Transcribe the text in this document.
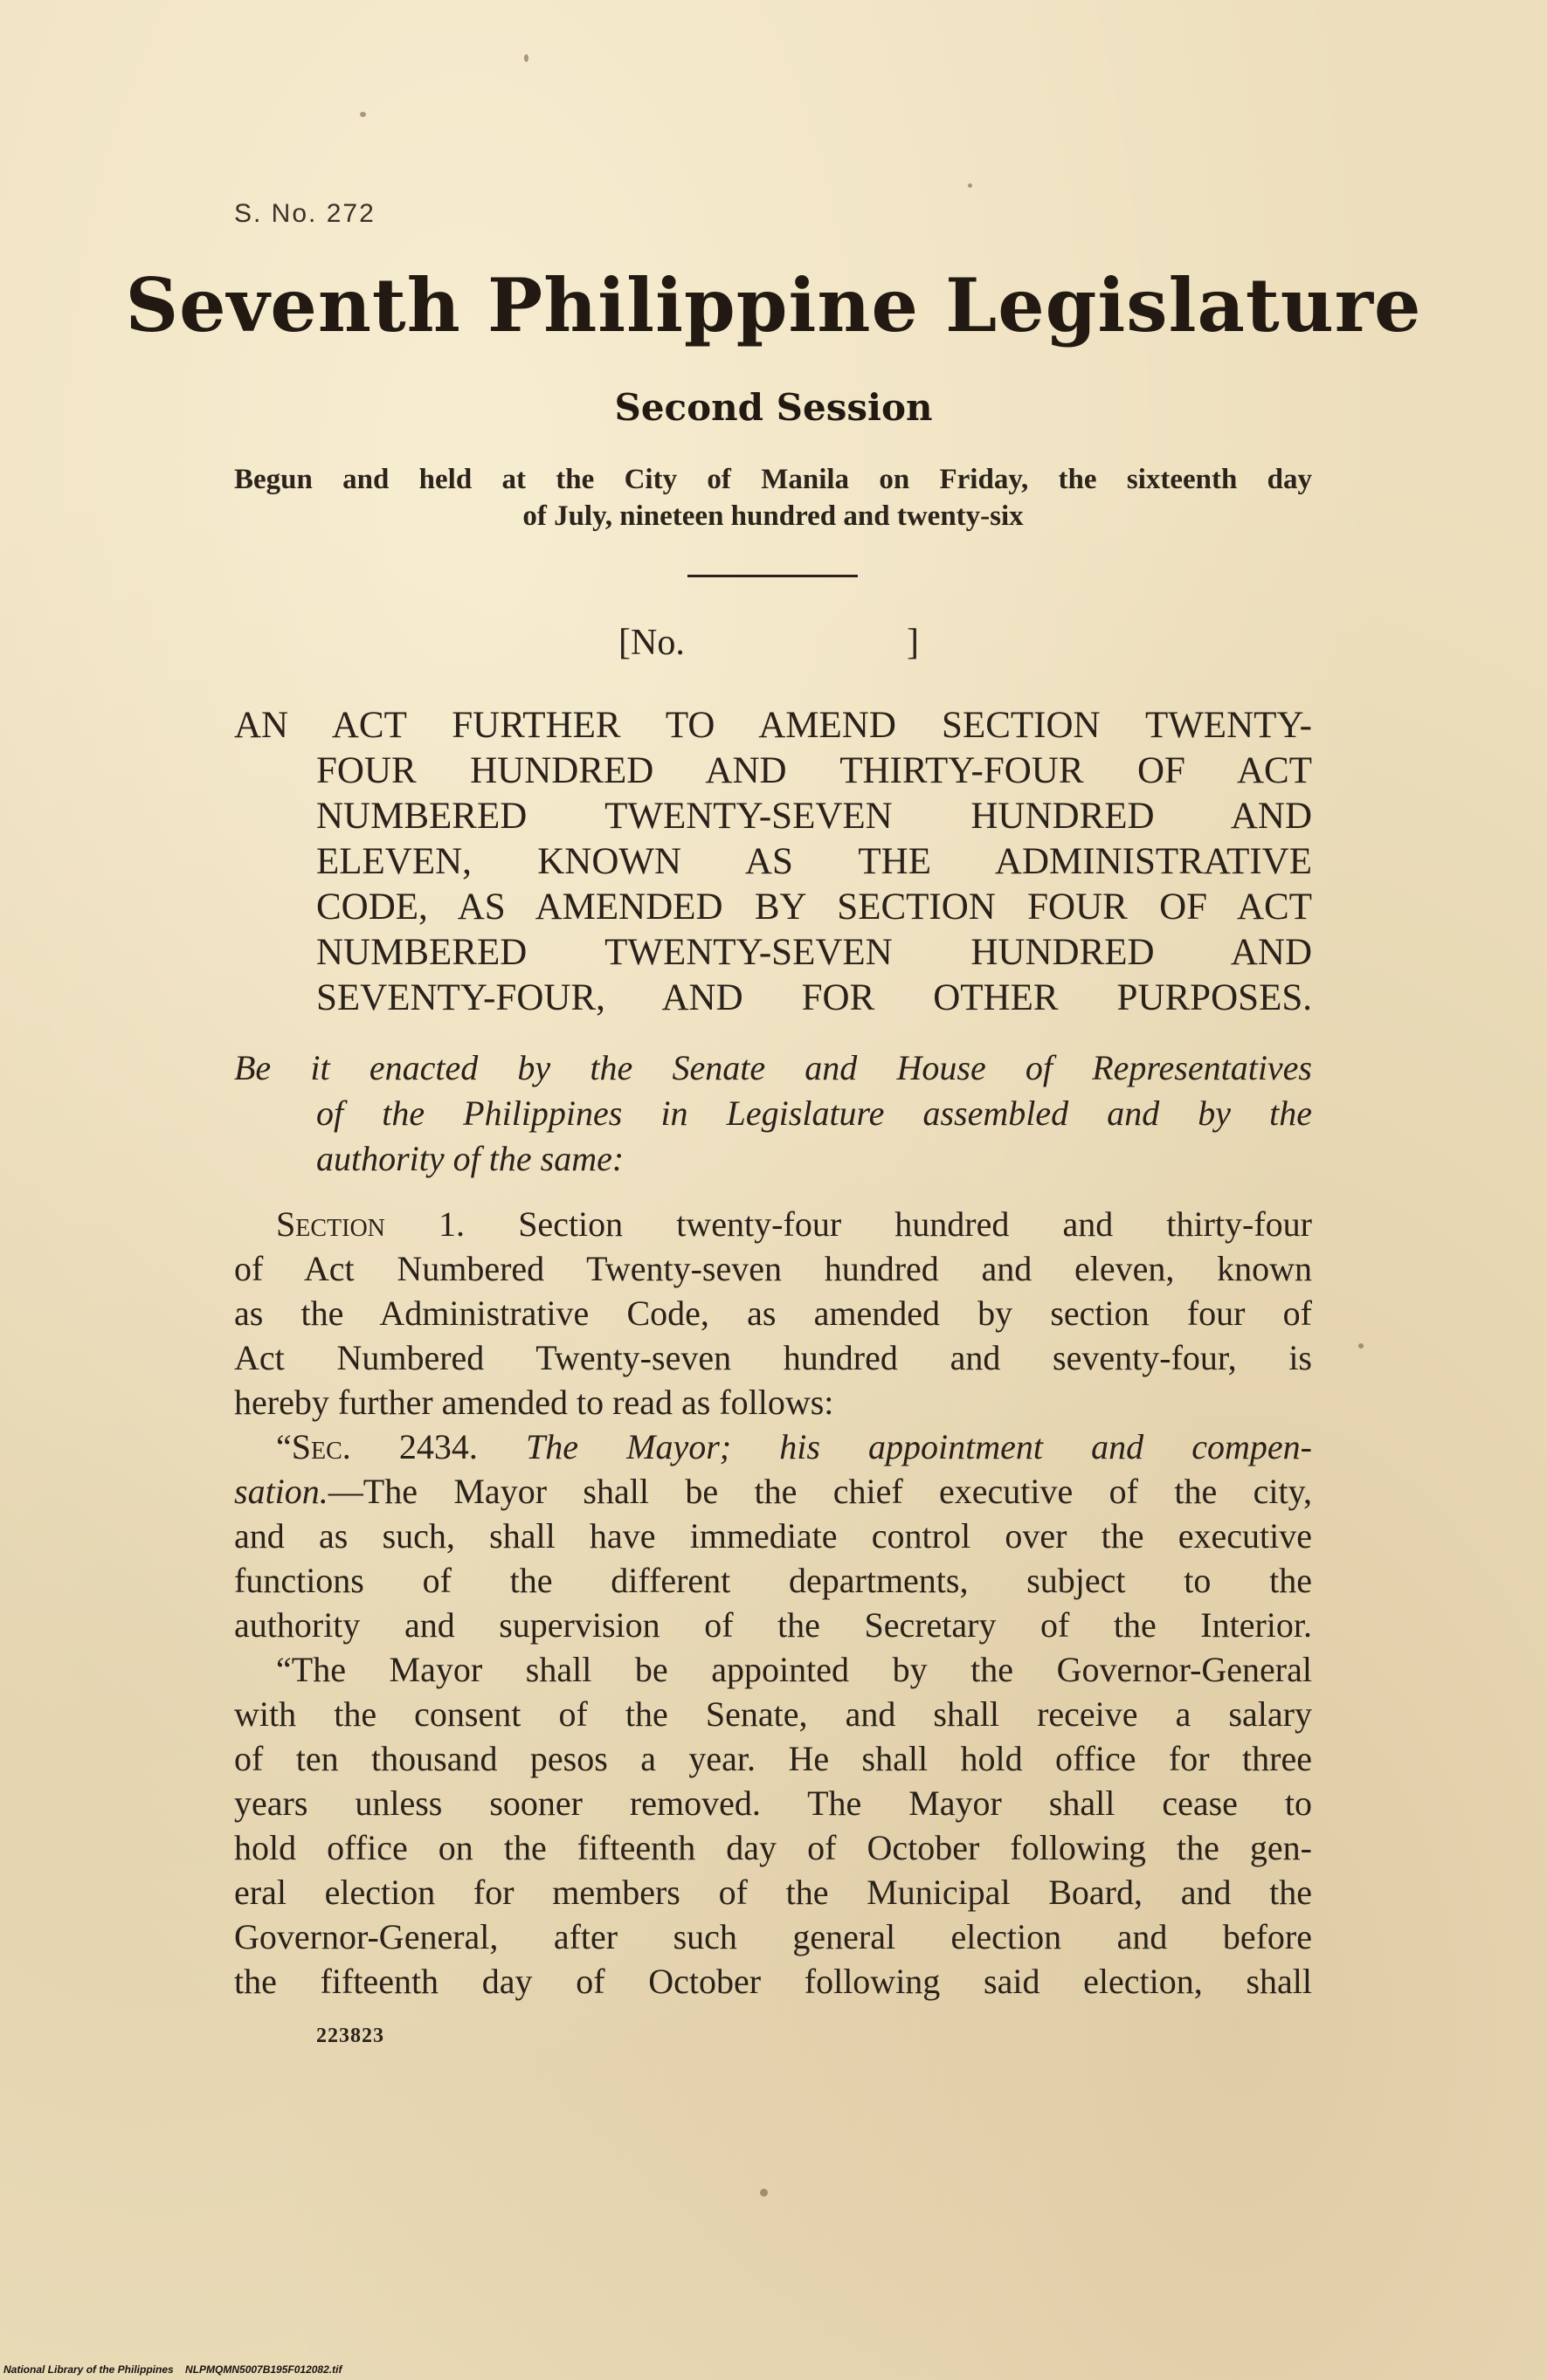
S. No. 272
Seventh Philippine Legislature
Second Session
Begun and held at the City of Manila on Friday, the sixteenth day
of July, nineteen hundred and twenty-six
[No.	]
AN ACT FURTHER TO AMEND SECTION TWENTY-
FOUR HUNDRED AND THIRTY-FOUR OF ACT
NUMBERED TWENTY-SEVEN HUNDRED AND
ELEVEN, KNOWN AS THE ADMINISTRATIVE
CODE, AS AMENDED BY SECTION FOUR OF ACT
NUMBERED TWENTY-SEVEN HUNDRED AND
SEVENTY-FOUR, AND FOR OTHER PURPOSES.
Be it enacted by the Senate and House of Representatives
of the Philippines in Legislature assembled and by the
authority of the same:
Section 1. Section twenty-four hundred and thirty-four
of Act Numbered Twenty-seven hundred and eleven, known
as the Administrative Code, as amended by section four of
Act Numbered Twenty-seven hundred and seventy-four, is
hereby further amended to read as follows:
“Sec. 2434. The Mayor; his appointment and compen-
sation.—The Mayor shall be the chief executive of the city,
and as such, shall have immediate control over the executive
functions of the different departments, subject to the
authority and supervision of the Secretary of the Interior.
“The Mayor shall be appointed by the Governor-General
with the consent of the Senate, and shall receive a salary
of ten thousand pesos a year. He shall hold office for three
years unless sooner removed. The Mayor shall cease to
hold office on the fifteenth day of October following the gen-
eral election for members of the Municipal Board, and the
Governor-General, after such general election and before
the fifteenth day of October following said election, shall
223823
National Library of the Philippines    NLPMQMN5007B195F012082.tif
